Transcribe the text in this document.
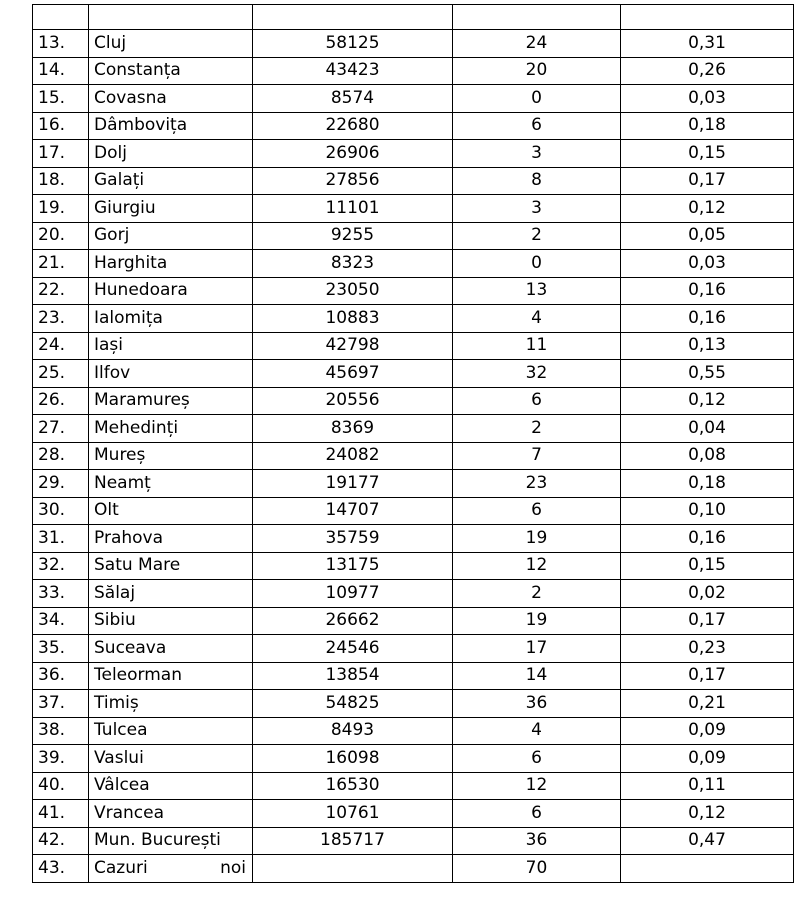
13.	Cluj	58125	24	0,31
14.	Constanța	43423	20	0,26
15.	Covasna	8574	0	0,03
16.	Dâmbovița	22680	6	0,18
17.	Dolj	26906	3	0,15
18.	Galați	27856	8	0,17
19.	Giurgiu	11101	3	0,12
20.	Gorj	9255	2	0,05
21.	Harghita	8323	0	0,03
22.	Hunedoara	23050	13	0,16
23.	Ialomița	10883	4	0,16
24.	Iași	42798	11	0,13
25.	Ilfov	45697	32	0,55
26.	Maramureș	20556	6	0,12
27.	Mehedinți	8369	2	0,04
28.	Mureș	24082	7	0,08
29.	Neamț	19177	23	0,18
30.	Olt	14707	6	0,10
31.	Prahova	35759	19	0,16
32.	Satu Mare	13175	12	0,15
33.	Sălaj	10977	2	0,02
34.	Sibiu	26662	19	0,17
35.	Suceava	24546	17	0,23
36.	Teleorman	13854	14	0,17
37.	Timiș	54825	36	0,21
38.	Tulcea	8493	4	0,09
39.	Vaslui	16098	6	0,09
40.	Vâlcea	16530	12	0,11
41.	Vrancea	10761	6	0,12
42.	Mun. București	185717	36	0,47
43.	Cazuri noi		70	
